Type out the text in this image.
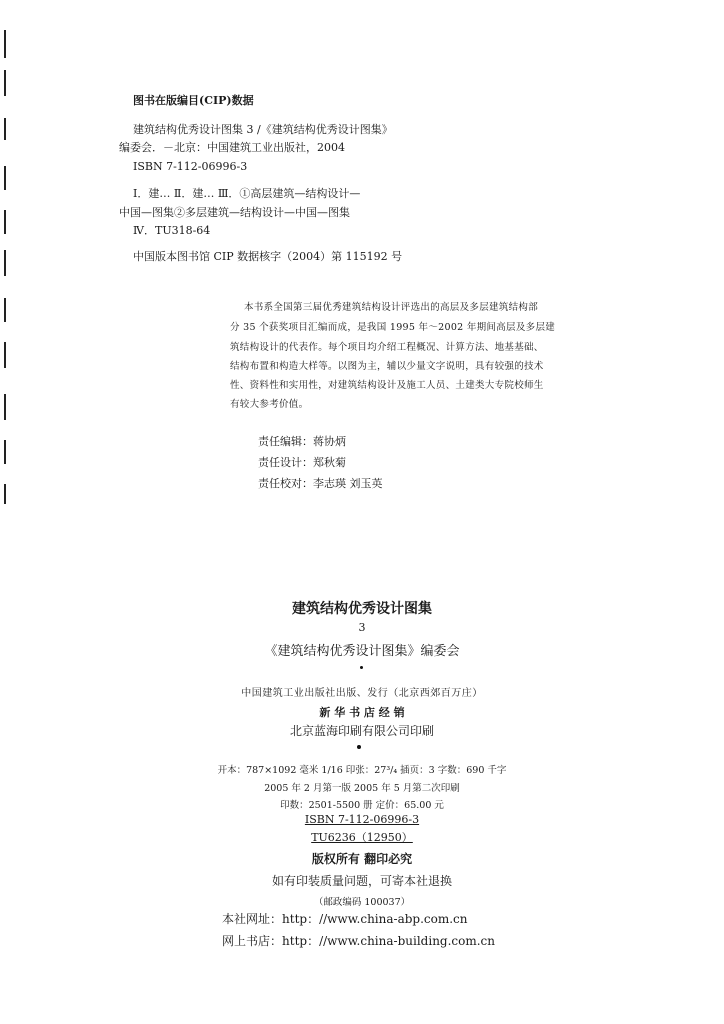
图书在版编目(CIP)数据
建筑结构优秀设计图集 3 /《建筑结构优秀设计图集》
编委会．－北京：中国建筑工业出版社，2004
ISBN 7-112-06996-3
Ⅰ．建… Ⅱ．建… Ⅲ．①高层建筑—结构设计—
中国—图集②多层建筑—结构设计—中国—图集
Ⅳ．TU318-64
中国版本图书馆 CIP 数据核字（2004）第 115192 号

本书系全国第三届优秀建筑结构设计评选出的高层及多层建筑结构部

分 35 个获奖项目汇编而成，是我国 1995 年～2002 年期间高层及多层建

筑结构设计的代表作。每个项目均介绍工程概况、计算方法、地基基础、

结构布置和构造大样等。以图为主，辅以少量文字说明，具有较强的技术

性、资料性和实用性，对建筑结构设计及施工人员、土建类大专院校师生

有较大参考价值。

责任编辑：蒋协炳
责任设计：郑秋菊
责任校对：李志瑛 刘玉英
建筑结构优秀设计图集
3
《建筑结构优秀设计图集》编委会
中国建筑工业出版社出版、发行（北京西郊百万庄）
新 华 书 店 经 销
北京蓝海印刷有限公司印刷
开本：787×1092 毫米 1/16 印张：27³/₄ 插页：3 字数：690 千字
2005 年 2 月第一版 2005 年 5 月第二次印刷
印数：2501-5500 册 定价：65.00 元
ISBN 7-112-06996-3
TU6236（12950）
版权所有 翻印必究
如有印装质量问题，可寄本社退换
（邮政编码 100037）
本社网址：http：//www.china-abp.com.cn
网上书店：http：//www.china-building.com.cn
